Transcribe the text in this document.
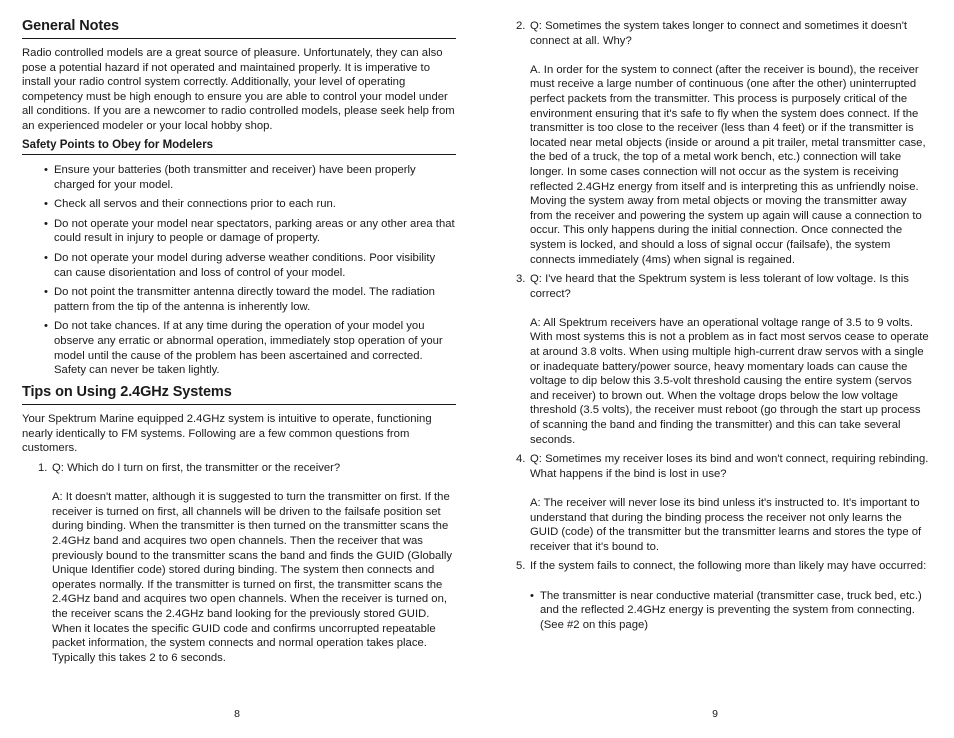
General Notes

Radio controlled models are a great source of pleasure. Unfortunately, they can also pose a potential hazard if not operated and maintained properly. It is imperative to install your radio control system correctly. Additionally, your level of operating competency must be high enough to ensure you are able to control your model under all conditions. If you are a newcomer to radio controlled models, please seek help from an experienced modeler or your local hobby shop.

Safety Points to Obey for Modelers
• Ensure your batteries (both transmitter and receiver) have been properly charged for your model.
• Check all servos and their connections prior to each run.
• Do not operate your model near spectators, parking areas or any other area that could result in injury to people or damage of property.
• Do not operate your model during adverse weather conditions. Poor visibility can cause disorientation and loss of control of your model.
• Do not point the transmitter antenna directly toward the model. The radiation pattern from the tip of the antenna is inherently low.
• Do not take chances. If at any time during the operation of your model you observe any erratic or abnormal operation, immediately stop operation of your model until the cause of the problem has been ascertained and corrected. Safety can never be taken lightly.
Tips on Using 2.4GHz Systems

Your Spektrum Marine equipped 2.4GHz system is intuitive to operate, functioning nearly identically to FM systems. Following are a few common questions from customers.

1. Q: Which do I turn on first, the transmitter or the receiver?
A: It doesn't matter, although it is suggested to turn the transmitter on first. If the receiver is turned on first, all channels will be driven to the failsafe position set during binding. When the transmitter is then turned on the transmitter scans the 2.4GHz band and acquires two open channels. Then the receiver that was previously bound to the transmitter scans the band and finds the GUID (Globally Unique Identifier code) stored during binding. The system then connects and operates normally. If the transmitter is turned on first, the transmitter scans the 2.4GHz band and acquires two open channels. When the receiver is turned on, the receiver scans the 2.4GHz band looking for the previously stored GUID. When it locates the specific GUID code and confirms uncorrupted repeatable packet information, the system connects and normal operation takes place. Typically this takes 2 to 6 seconds.
8
2. Q: Sometimes the system takes longer to connect and sometimes it doesn't connect at all. Why?
A. In order for the system to connect (after the receiver is bound), the receiver must receive a large number of continuous (one after the other) uninterrupted perfect packets from the transmitter. This process is purposely critical of the environment ensuring that it's safe to fly when the system does connect. If the transmitter is too close to the receiver (less than 4 feet) or if the transmitter is located near metal objects (inside or around a pit trailer, metal transmitter case, the bed of a truck, the top of a metal work bench, etc.) connection will take longer. In some cases connection will not occur as the system is receiving reflected 2.4GHz energy from itself and is interpreting this as unfriendly noise. Moving the system away from metal objects or moving the transmitter away from the receiver and powering the system up again will cause a connection to occur. This only happens during the initial connection. Once connected the system is locked, and should a loss of signal occur (failsafe), the system connects immediately (4ms) when signal is regained.
3. Q: I've heard that the Spektrum system is less tolerant of low voltage. Is this correct?
A: All Spektrum receivers have an operational voltage range of 3.5 to 9 volts. With most systems this is not a problem as in fact most servos cease to operate at around 3.8 volts. When using multiple high-current draw servos with a single or inadequate battery/power source, heavy momentary loads can cause the voltage to dip below this 3.5-volt threshold causing the entire system (servos and receiver) to brown out. When the voltage drops below the low voltage threshold (3.5 volts), the receiver must reboot (go through the start up process of scanning the band and finding the transmitter) and this can take several seconds.
4. Q: Sometimes my receiver loses its bind and won't connect, requiring rebinding. What happens if the bind is lost in use?
A: The receiver will never lose its bind unless it's instructed to. It's important to understand that during the binding process the receiver not only learns the GUID (code) of the transmitter but the transmitter learns and stores the type of receiver that it's bound to.
5. If the system fails to connect, the following more than likely may have occurred:
• The transmitter is near conductive material (transmitter case, truck bed, etc.) and the reflected 2.4GHz energy is preventing the system from connecting. (See #2 on this page)
9
